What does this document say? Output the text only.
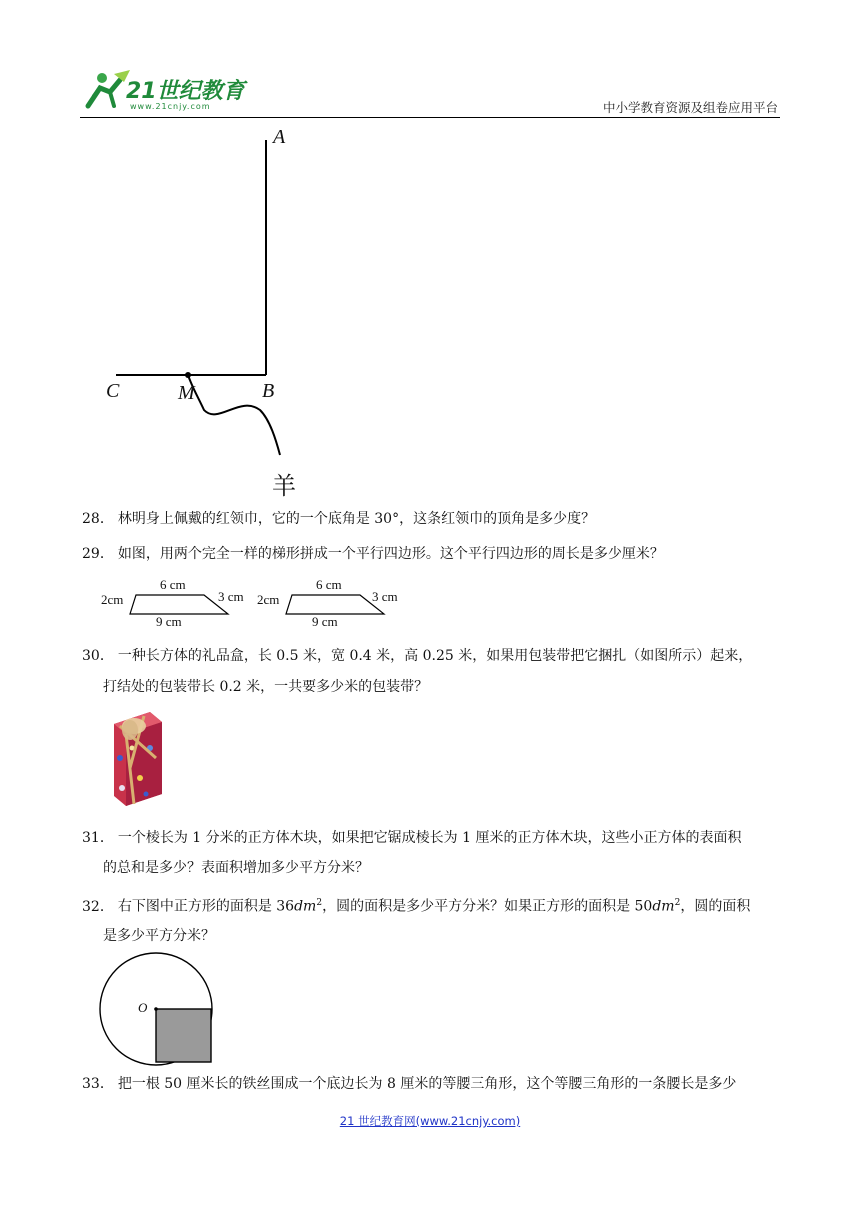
21世纪教育
www.21cnjy.com	中小学教育资源及组卷应用平台
A
C	M	B
羊
28． 林明身上佩戴的红领巾，它的一个底角是 30°，这条红领巾的顶角是多少度？
29． 如图，用两个完全一样的梯形拼成一个平行四边形。这个平行四边形的周长是多少厘米？
6 cm
2cm	3 cm
9 cm
6 cm
2cm	3 cm
9 cm
30． 一种长方体的礼品盒，长 0.5 米，宽 0.4 米，高 0.25 米，如果用包装带把它捆扎（如图所示）起来，
打结处的包装带长 0.2 米，一共要多少米的包装带？
31． 一个棱长为 1 分米的正方体木块，如果把它锯成棱长为 1 厘米的正方体木块，这些小正方体的表面积
的总和是多少？表面积增加多少平方分米？
32． 右下图中正方形的面积是 $36dm^2$，圆的面积是多少平方分米？如果正方形的面积是 $50dm^2$，圆的面积
是多少平方分米？
O
33． 把一根 50 厘米长的铁丝围成一个底边长为 8 厘米的等腰三角形，这个等腰三角形的一条腰长是多少
21 世纪教育网(www.21cnjy.com)
